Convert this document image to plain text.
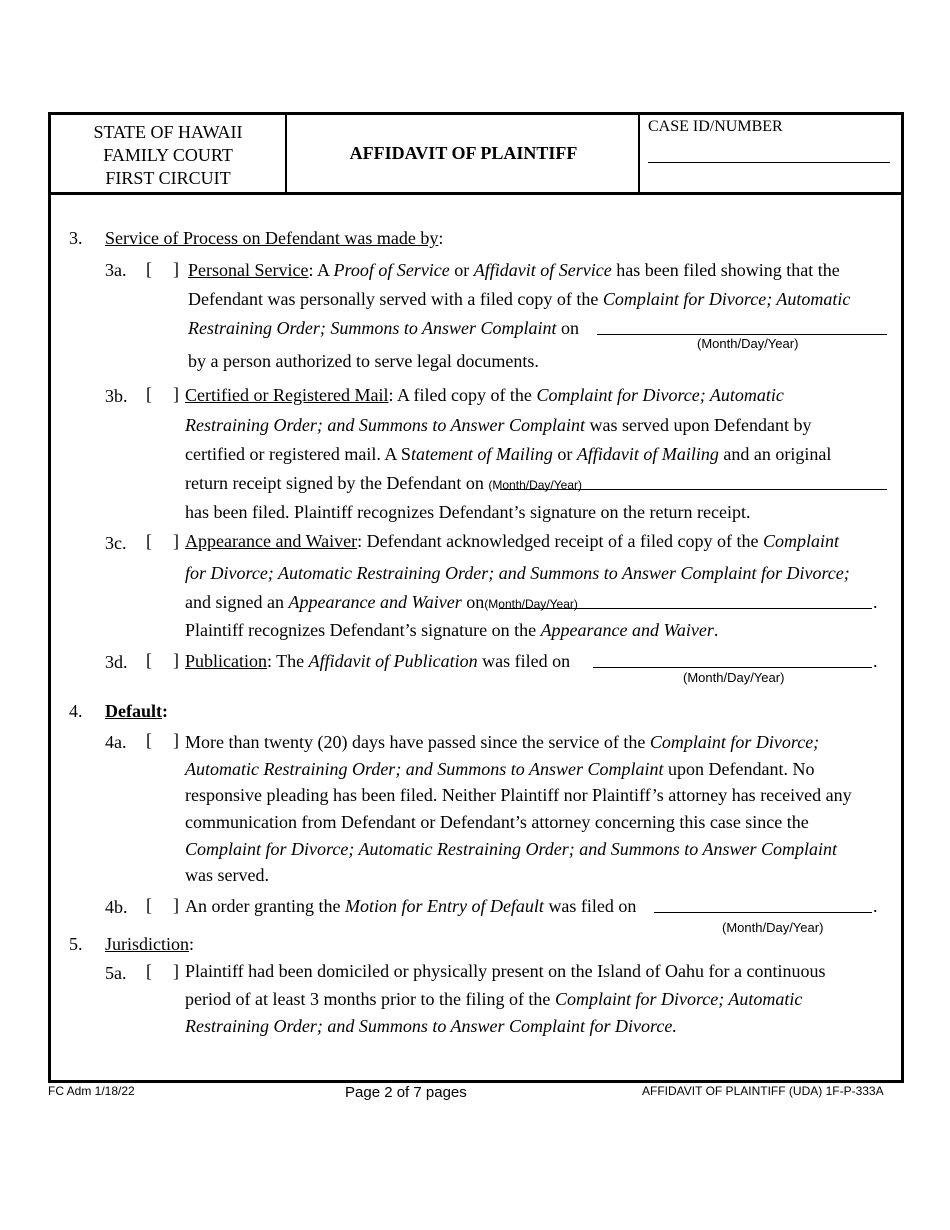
STATE OF HAWAII
FAMILY COURT
FIRST CIRCUIT
AFFIDAVIT OF PLAINTIFF
CASE ID/NUMBER
3. Service of Process on Defendant was made by:
3a. [ ] Personal Service: A Proof of Service or Affidavit of Service has been filed showing that the
Defendant was personally served with a filed copy of the Complaint for Divorce; Automatic
Restraining Order; Summons to Answer Complaint on
(Month/Day/Year)
by a person authorized to serve legal documents.
3b. [ ] Certified or Registered Mail: A filed copy of the Complaint for Divorce; Automatic
Restraining Order; and Summons to Answer Complaint was served upon Defendant by
certified or registered mail. A Statement of Mailing or Affidavit of Mailing and an original
return receipt signed by the Defendant on (Month/Day/Year)
has been filed. Plaintiff recognizes Defendant’s signature on the return receipt.
3c. [ ] Appearance and Waiver: Defendant acknowledged receipt of a filed copy of the Complaint
for Divorce; Automatic Restraining Order; and Summons to Answer Complaint for Divorce;
and signed an Appearance and Waiver on(Month/Day/Year)	.
Plaintiff recognizes Defendant’s signature on the Appearance and Waiver.
3d. [ ] Publication: The Affidavit of Publication was filed on	.
(Month/Day/Year)
4. Default:
4a. [ ] More than twenty (20) days have passed since the service of the Complaint for Divorce;
Automatic Restraining Order; and Summons to Answer Complaint upon Defendant. No
responsive pleading has been filed. Neither Plaintiff nor Plaintiff’s attorney has received any
communication from Defendant or Defendant’s attorney concerning this case since the
Complaint for Divorce; Automatic Restraining Order; and Summons to Answer Complaint
was served.
4b. [ ] An order granting the Motion for Entry of Default was filed on	.
(Month/Day/Year)
5. Jurisdiction:
5a. [ ] Plaintiff had been domiciled or physically present on the Island of Oahu for a continuous
period of at least 3 months prior to the filing of the Complaint for Divorce; Automatic
Restraining Order; and Summons to Answer Complaint for Divorce.
FC Adm 1/18/22	Page 2 of 7 pages	AFFIDAVIT OF PLAINTIFF (UDA) 1F-P-333A
